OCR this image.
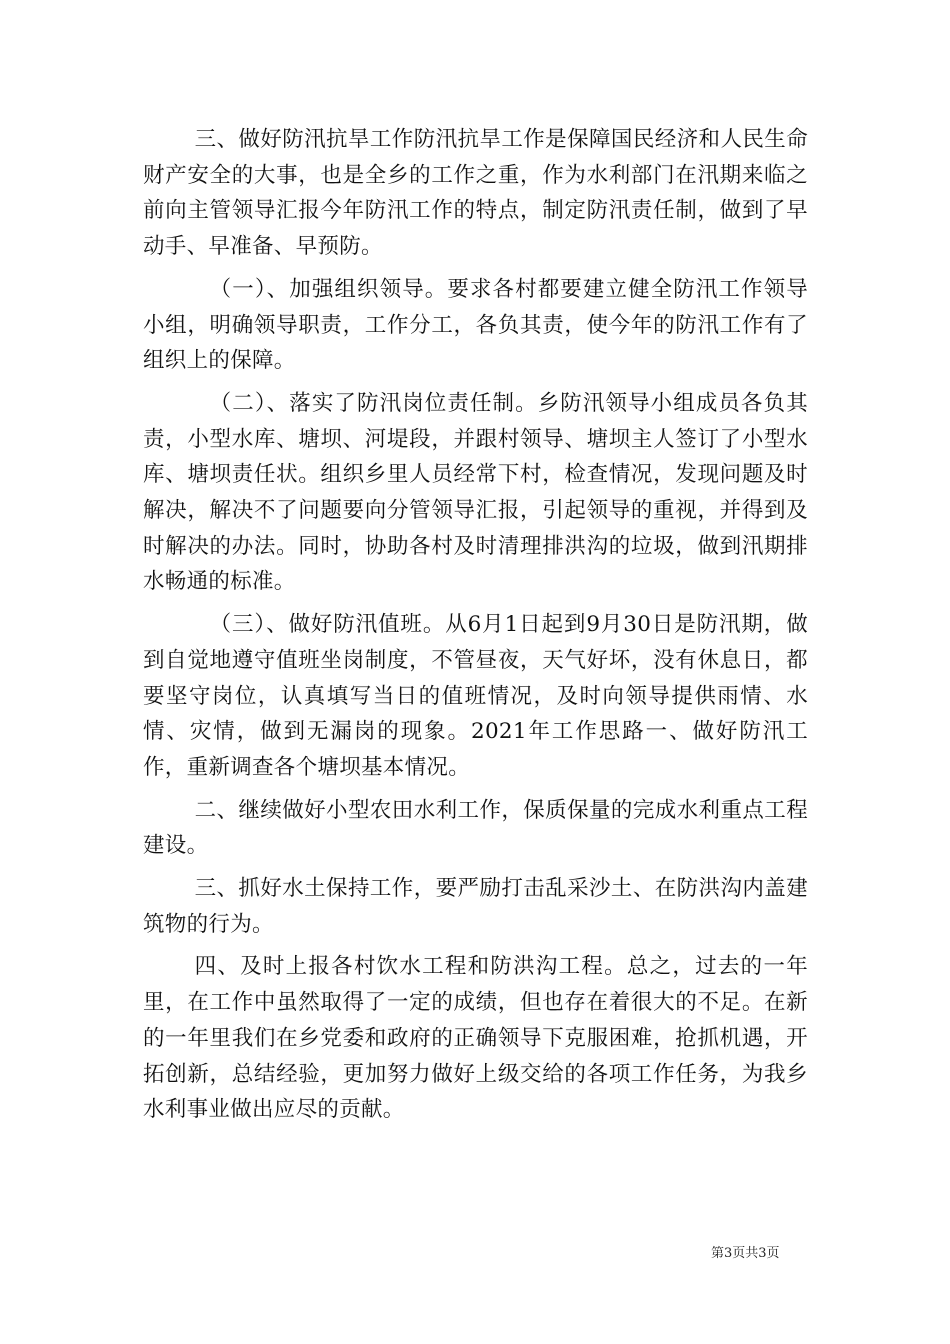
三、做好防汛抗旱工作防汛抗旱工作是保障国民经济和人民生命财产安全的大事，也是全乡的工作之重，作为水利部门在汛期来临之前向主管领导汇报今年防汛工作的特点，制定防汛责任制，做到了早动手、早准备、早预防。

（一）、加强组织领导。要求各村都要建立健全防汛工作领导小组，明确领导职责，工作分工，各负其责，使今年的防汛工作有了组织上的保障。

（二）、落实了防汛岗位责任制。乡防汛领导小组成员各负其责，小型水库、塘坝、河堤段，并跟村领导、塘坝主人签订了小型水库、塘坝责任状。组织乡里人员经常下村，检查情况，发现问题及时解决，解决不了问题要向分管领导汇报，引起领导的重视，并得到及时解决的办法。同时，协助各村及时清理排洪沟的垃圾，做到汛期排水畅通的标准。

（三）、做好防汛值班。从6月1日起到9月30日是防汛期，做到自觉地遵守值班坐岗制度，不管昼夜，天气好坏，没有休息日，都要坚守岗位，认真填写当日的值班情况，及时向领导提供雨情、水情、灾情，做到无漏岗的现象。2021年工作思路一、做好防汛工作，重新调查各个塘坝基本情况。

二、继续做好小型农田水利工作，保质保量的完成水利重点工程建设。

三、抓好水土保持工作，要严励打击乱采沙土、在防洪沟内盖建筑物的行为。

四、及时上报各村饮水工程和防洪沟工程。总之，过去的一年里，在工作中虽然取得了一定的成绩，但也存在着很大的不足。在新的一年里我们在乡党委和政府的正确领导下克服困难，抢抓机遇，开拓创新，总结经验，更加努力做好上级交给的各项工作任务，为我乡水利事业做出应尽的贡献。

第3页共3页
